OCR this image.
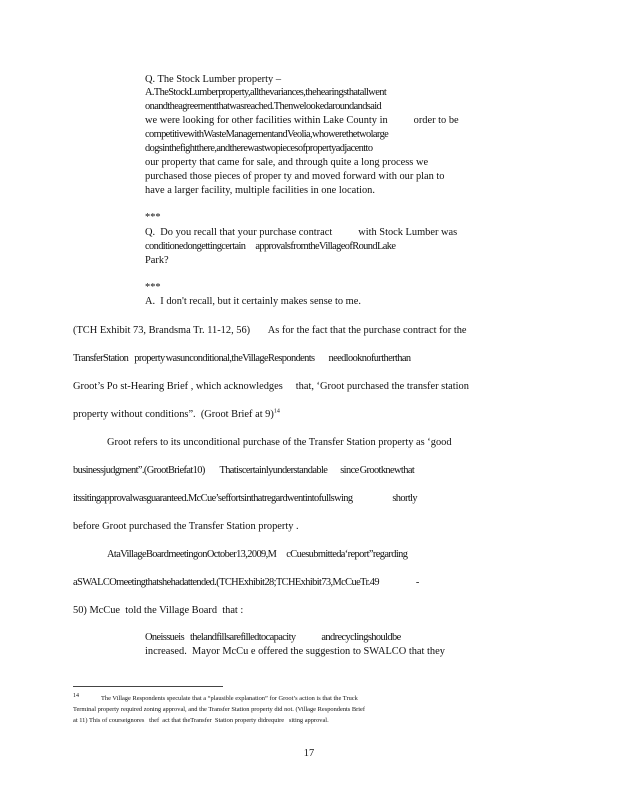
Q. The Stock Lumber property –
A.TheStockLumberproperty,allthevariances,thehearingsthatallwent
onandtheagreementthatwasreached.Thenwelookedaroundandsaid
we were looking for other facilities within Lake County in          order to be
competitivewithWasteManagementandVeolia,whowerethetwolarge
dogsinthefightthere,andtherewastwopiecesofpropertyadjacentto
our property that came for sale, and through quite a long process we
purchased those pieces of proper ty and moved forward with our plan to
have a larger facility, multiple facilities in one location.
***
Q.  Do you recall that your purchase contract          with Stock Lumber was
conditionedongettingcertain          approvalsfromtheVillageofRoundLake
Park?
***
A.  I don't recall, but it certainly makes sense to me.
(TCH Exhibit 73, Brandsma Tr. 11-12, 56)       As for the fact that the purchase contract for the
TransferStation      property wasunconditional,theVillageRespondents              needlooknofurtherthan
Groot’s Po st-Hearing Brief , which acknowledges     that, ‘Groot purchased the transfer station
property without conditions”.  (Groot Brief at 9)$^{14}$
Groot refers to its unconditional purchase of the Transfer Station property as ‘good
businessjudgment”.(GrootBriefat10)               Thatiscertainlyunderstandable             since Grootknewthat
itssitingapprovalwasguaranteed.McCue’seffortsinthatregardwentintofullswing                                        shortly
before Groot purchased the Transfer Station property .
AtaVillageBoardmeetingonOctober13,2009,M          cCuesubmitteda‘report”regarding
aSWALCOmeetingthatshehadattended.(TCHExhibit28;TCHExhibit73,McCueTr.49                                     -
50) McCue  told the Village Board  that :
Oneissueis      thelandfillsarefilledtocapacity                          andrecyclingshouldbe
increased.  Mayor McCu e offered the suggestion to SWALCO that they
$^{14}$	The Village Respondents speculate that a “plausible explanation” for Groot’s action is that the Truck
Terminal property required zoning approval, and the Transfer Station property did not. (Village Respondents Brief
at 11) This of courseignores   thef  act that theTransfer  Station property didrequire   siting approval.
17
